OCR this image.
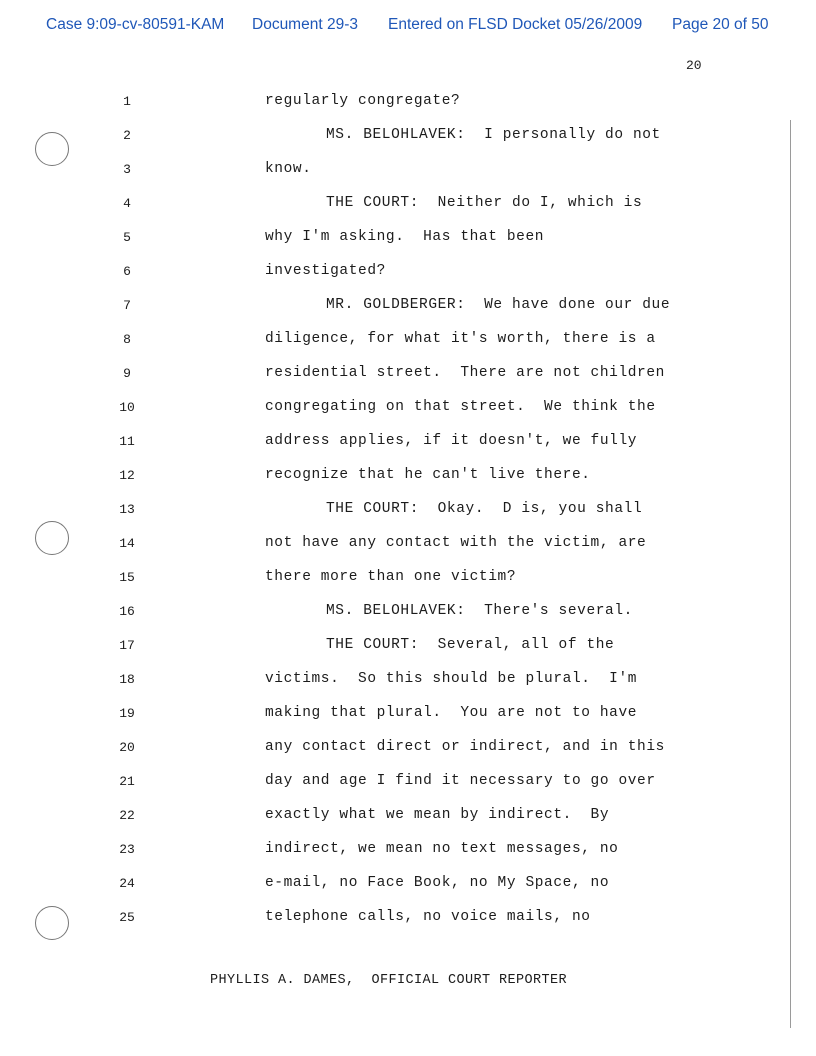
Case 9:09-cv-80591-KAM Document 29-3 Entered on FLSD Docket 05/26/2009 Page 20 of 50
20
1
2
3
4
5
6
7
8
9
10
11
12
13
14
15
16
17
18
19
20
21
22
23
24
25
regularly congregate?
MS. BELOHLAVEK:  I personally do not
know.
THE COURT:  Neither do I, which is
why I'm asking.  Has that been
investigated?
MR. GOLDBERGER:  We have done our due
diligence, for what it's worth, there is a
residential street.  There are not children
congregating on that street.  We think the
address applies, if it doesn't, we fully
recognize that he can't live there.
THE COURT:  Okay.  D is, you shall
not have any contact with the victim, are
there more than one victim?
MS. BELOHLAVEK:  There's several.
THE COURT:  Several, all of the
victims.  So this should be plural.  I'm
making that plural.  You are not to have
any contact direct or indirect, and in this
day and age I find it necessary to go over
exactly what we mean by indirect.  By
indirect, we mean no text messages, no
e-mail, no Face Book, no My Space, no
telephone calls, no voice mails, no
PHYLLIS A. DAMES,  OFFICIAL COURT REPORTER
